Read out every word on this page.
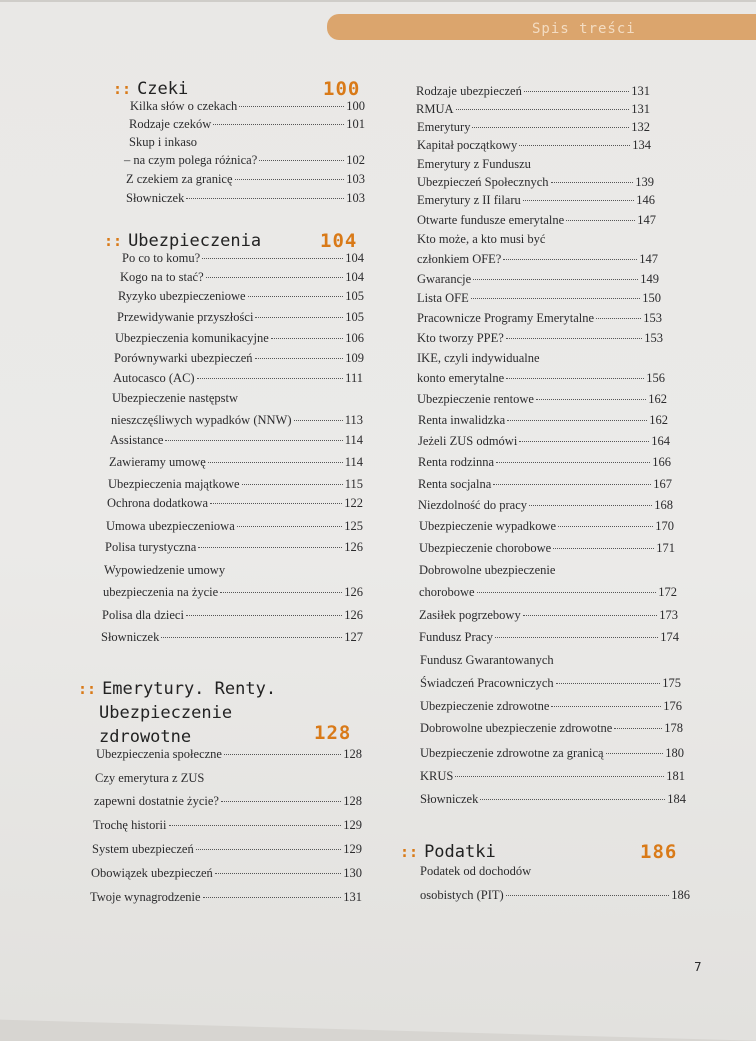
Spis treści
:: Czeki	100
:: Ubezpieczenia	104
:: Emerytury. Renty.
Ubezpieczenie
zdrowotne	128
:: Podatki	186
Kilka słów o czekach	100
Rodzaje czeków	101
Skup i inkaso
– na czym polega różnica?	102
Z czekiem za granicę	103
Słowniczek	103
Po co to komu?	104
Kogo na to stać?	104
Ryzyko ubezpieczeniowe	105
Przewidywanie przyszłości	105
Ubezpieczenia komunikacyjne	106
Porównywarki ubezpieczeń	109
Autocasco (AC)	111
Ubezpieczenie następstw
nieszczęśliwych wypadków (NNW)	113
Assistance	114
Zawieramy umowę	114
Ubezpieczenia majątkowe	115
Ochrona dodatkowa	122
Umowa ubezpieczeniowa	125
Polisa turystyczna	126
Wypowiedzenie umowy
ubezpieczenia na życie	126
Polisa dla dzieci	126
Słowniczek	127
Ubezpieczenia społeczne	128
Czy emerytura z ZUS
zapewni dostatnie życie?	128
Trochę historii	129
System ubezpieczeń	129
Obowiązek ubezpieczeń	130
Twoje wynagrodzenie	131
Rodzaje ubezpieczeń	131
RMUA	131
Emerytury	132
Kapitał początkowy	134
Emerytury z Funduszu
Ubezpieczeń Społecznych	139
Emerytury z II filaru	146
Otwarte fundusze emerytalne	147
Kto może, a kto musi być
członkiem OFE?	147
Gwarancje	149
Lista OFE	150
Pracownicze Programy Emerytalne	153
Kto tworzy PPE?	153
IKE, czyli indywidualne
konto emerytalne	156
Ubezpieczenie rentowe	162
Renta inwalidzka	162
Jeżeli ZUS odmówi	164
Renta rodzinna	166
Renta socjalna	167
Niezdolność do pracy	168
Ubezpieczenie wypadkowe	170
Ubezpieczenie chorobowe	171
Dobrowolne ubezpieczenie
chorobowe	172
Zasiłek pogrzebowy	173
Fundusz Pracy	174
Fundusz Gwarantowanych
Świadczeń Pracowniczych	175
Ubezpieczenie zdrowotne	176
Dobrowolne ubezpieczenie zdrowotne	178
Ubezpieczenie zdrowotne za granicą	180
KRUS	181
Słowniczek	184
Podatek od dochodów
osobistych (PIT)	186
7
